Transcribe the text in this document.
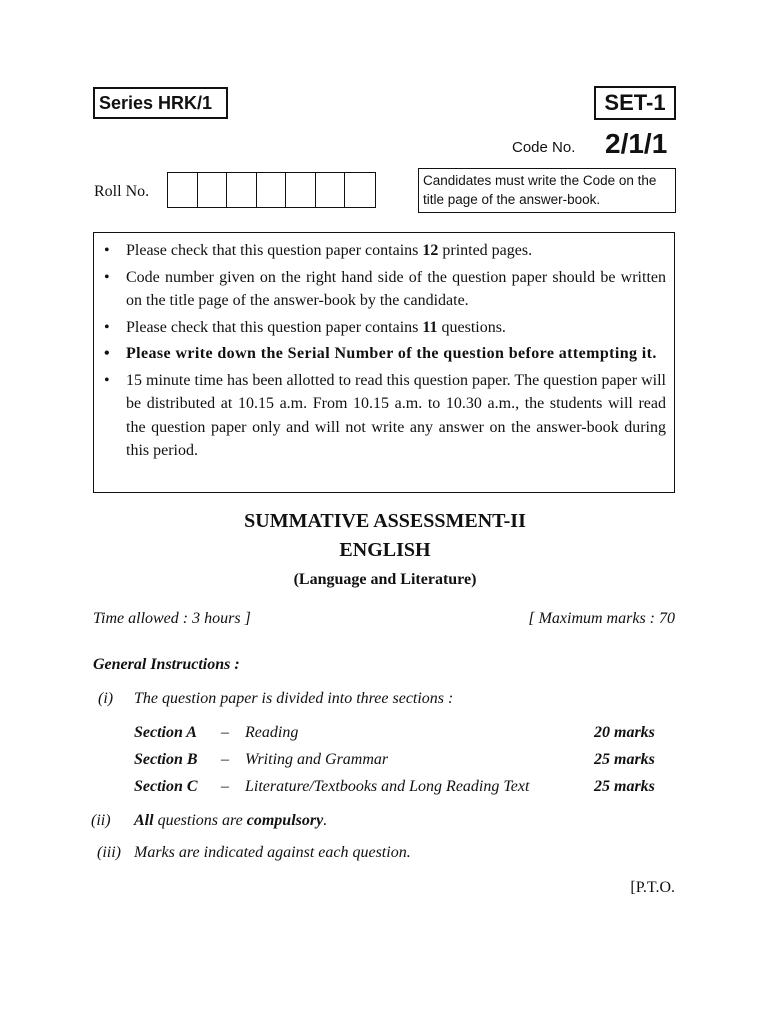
Series HRK/1	SET-1
Code No. 2/1/1
Roll No.
Candidates must write the Code on the title page of the answer-book.
• Please check that this question paper contains 12 printed pages.
• Code number given on the right hand side of the question paper should be written on the title page of the answer-book by the candidate.
• Please check that this question paper contains 11 questions.
• Please write down the Serial Number of the question before attempting it.
• 15 minute time has been allotted to read this question paper. The question paper will be distributed at 10.15 a.m. From 10.15 a.m. to 10.30 a.m., the students will read the question paper only and will not write any answer on the answer-book during this period.
SUMMATIVE ASSESSMENT-II
ENGLISH
(Language and Literature)
Time allowed : 3 hours ]	[ Maximum marks : 70
General Instructions :
(i) The question paper is divided into three sections :
Section A – Reading	20 marks
Section B – Writing and Grammar	25 marks
Section C – Literature/Textbooks and Long Reading Text	25 marks
(ii) All questions are compulsory.
(iii) Marks are indicated against each question.
[P.T.O.
